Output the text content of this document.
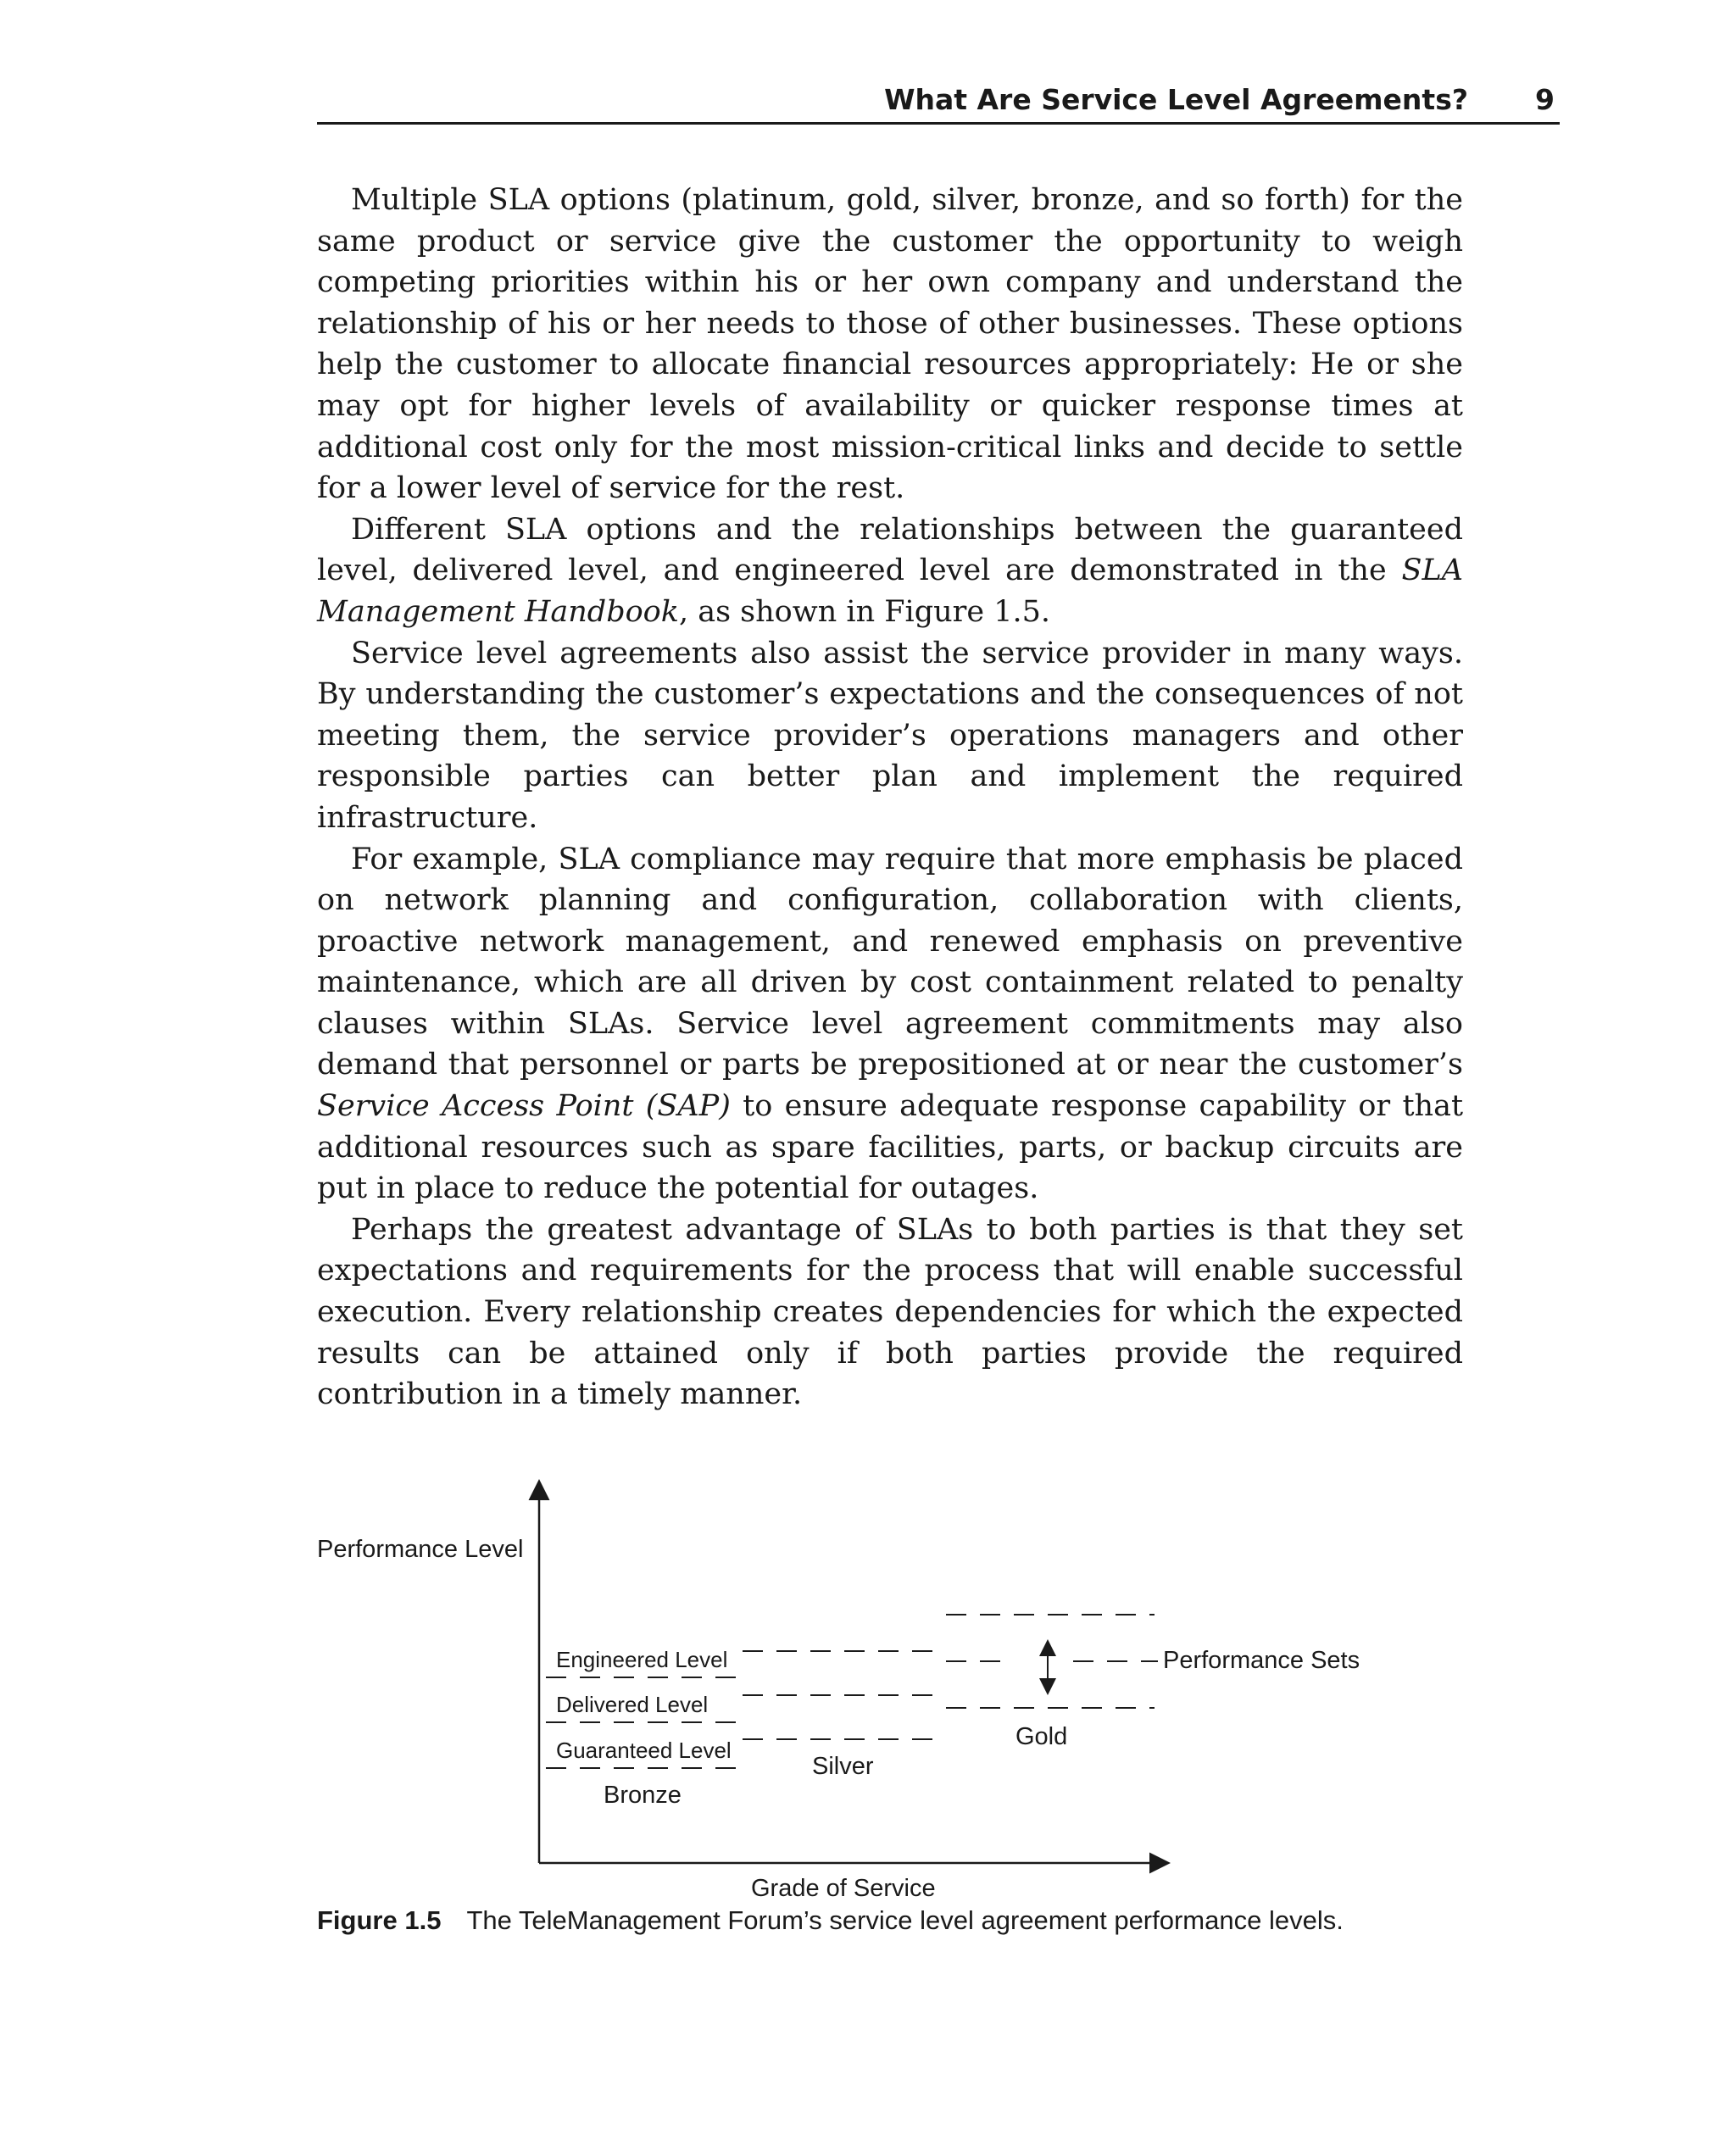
What Are Service Level Agreements? 9

Multiple SLA options (platinum, gold, silver, bronze, and so forth) for the same product or service give the customer the opportunity to weigh competing priorities within his or her own company and understand the relationship of his or her needs to those of other businesses. These options help the customer to allocate financial resources appropriately: He or she may opt for higher levels of availability or quicker response times at additional cost only for the most mission-critical links and decide to settle for a lower level of service for the rest.

Different SLA options and the relationships between the guaranteed level, delivered level, and engineered level are demonstrated in the SLA Management Handbook, as shown in Figure 1.5.

Service level agreements also assist the service provider in many ways. By understanding the customer’s expectations and the consequences of not meeting them, the service provider’s operations managers and other responsible parties can better plan and implement the required infrastructure.

For example, SLA compliance may require that more emphasis be placed on network planning and configuration, collaboration with clients, proactive network management, and renewed emphasis on preventive maintenance, which are all driven by cost containment related to penalty clauses within SLAs. Service level agreement commitments may also demand that personnel or parts be prepositioned at or near the customer’s Service Access Point (SAP) to ensure adequate response capability or that additional resources such as spare facilities, parts, or backup circuits are put in place to reduce the potential for outages.

Perhaps the greatest advantage of SLAs to both parties is that they set expectations and requirements for the process that will enable successful execution. Every relationship creates dependencies for which the expected results can be attained only if both parties provide the required contribution in a timely manner.

Performance Level
Grade of Service
Engineered Level
Delivered Level
Guaranteed Level
Bronze
Silver
Gold
Performance Sets
Figure 1.5 The TeleManagement Forum’s service level agreement performance levels.
